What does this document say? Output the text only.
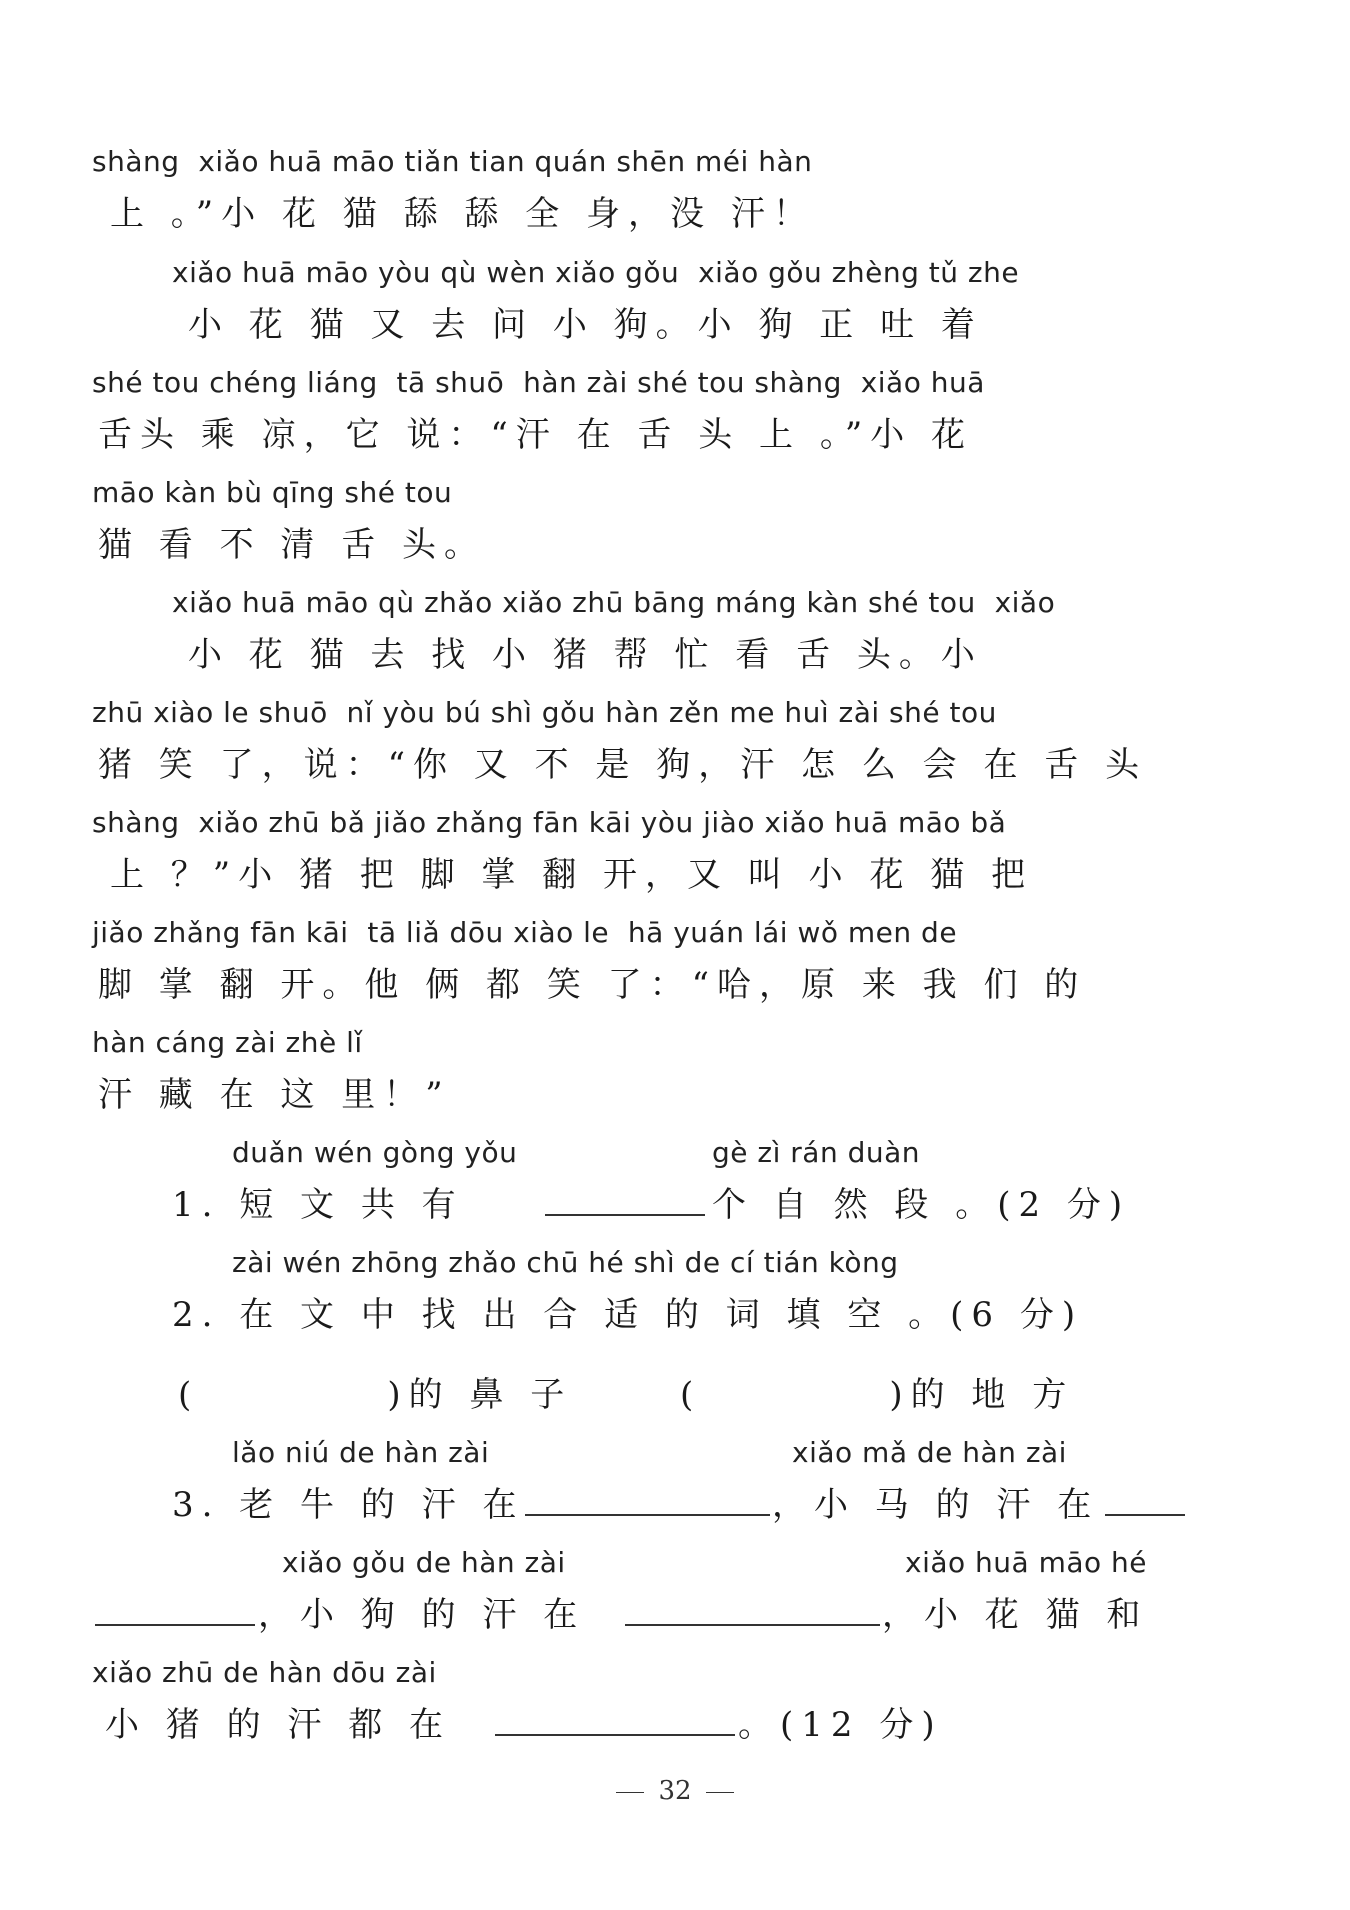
shàng  xiǎo huā māo tiǎn tian quán shēn méi hàn
上 。”小 花 猫 舔 舔 全 身，没 汗！
xiǎo huā māo yòu qù wèn xiǎo gǒu  xiǎo gǒu zhèng tǔ zhe
小 花 猫 又 去 问 小 狗。小 狗 正 吐 着
shé tou chéng liáng  tā shuō  hàn zài shé tou shàng  xiǎo huā
舌头 乘 凉，它 说：“汗 在 舌 头 上 。”小 花
māo kàn bù qīng shé tou
猫 看 不 清 舌 头。
xiǎo huā māo qù zhǎo xiǎo zhū bāng máng kàn shé tou  xiǎo
小 花 猫 去 找 小 猪 帮 忙 看 舌 头。小
zhū xiào le shuō  nǐ yòu bú shì gǒu hàn zěn me huì zài shé tou
猪 笑 了，说：“你 又 不 是 狗，汗 怎 么 会 在 舌 头
shàng  xiǎo zhū bǎ jiǎo zhǎng fān kāi yòu jiào xiǎo huā māo bǎ
上 ？”小 猪 把 脚 掌 翻 开，又 叫 小 花 猫 把
jiǎo zhǎng fān kāi  tā liǎ dōu xiào le  hā yuán lái wǒ men de
脚 掌 翻 开。他 俩 都 笑 了：“哈，原 来 我 们 的
hàn cáng zài zhè lǐ
汗 藏 在 这 里！”
duǎn wén gòng yǒu	gè zì rán duàn
1. 短 文 共 有	个 自 然 段 。(2 分)
zài wén zhōng zhǎo chū hé shì de cí tián kòng
2. 在 文 中 找 出 合 适 的 词 填 空 。(6 分)
(          )的 鼻 子	(          )的 地 方
lǎo niú de hàn zài	xiǎo mǎ de hàn zài
3. 老 牛 的 汗 在	，小 马 的 汗 在
xiǎo gǒu de hàn zài	xiǎo huā māo hé
，小 狗 的 汗 在	，小 花 猫 和
xiǎo zhū de hàn dōu zài
小 猪 的 汗 都 在	。(12 分)
32
